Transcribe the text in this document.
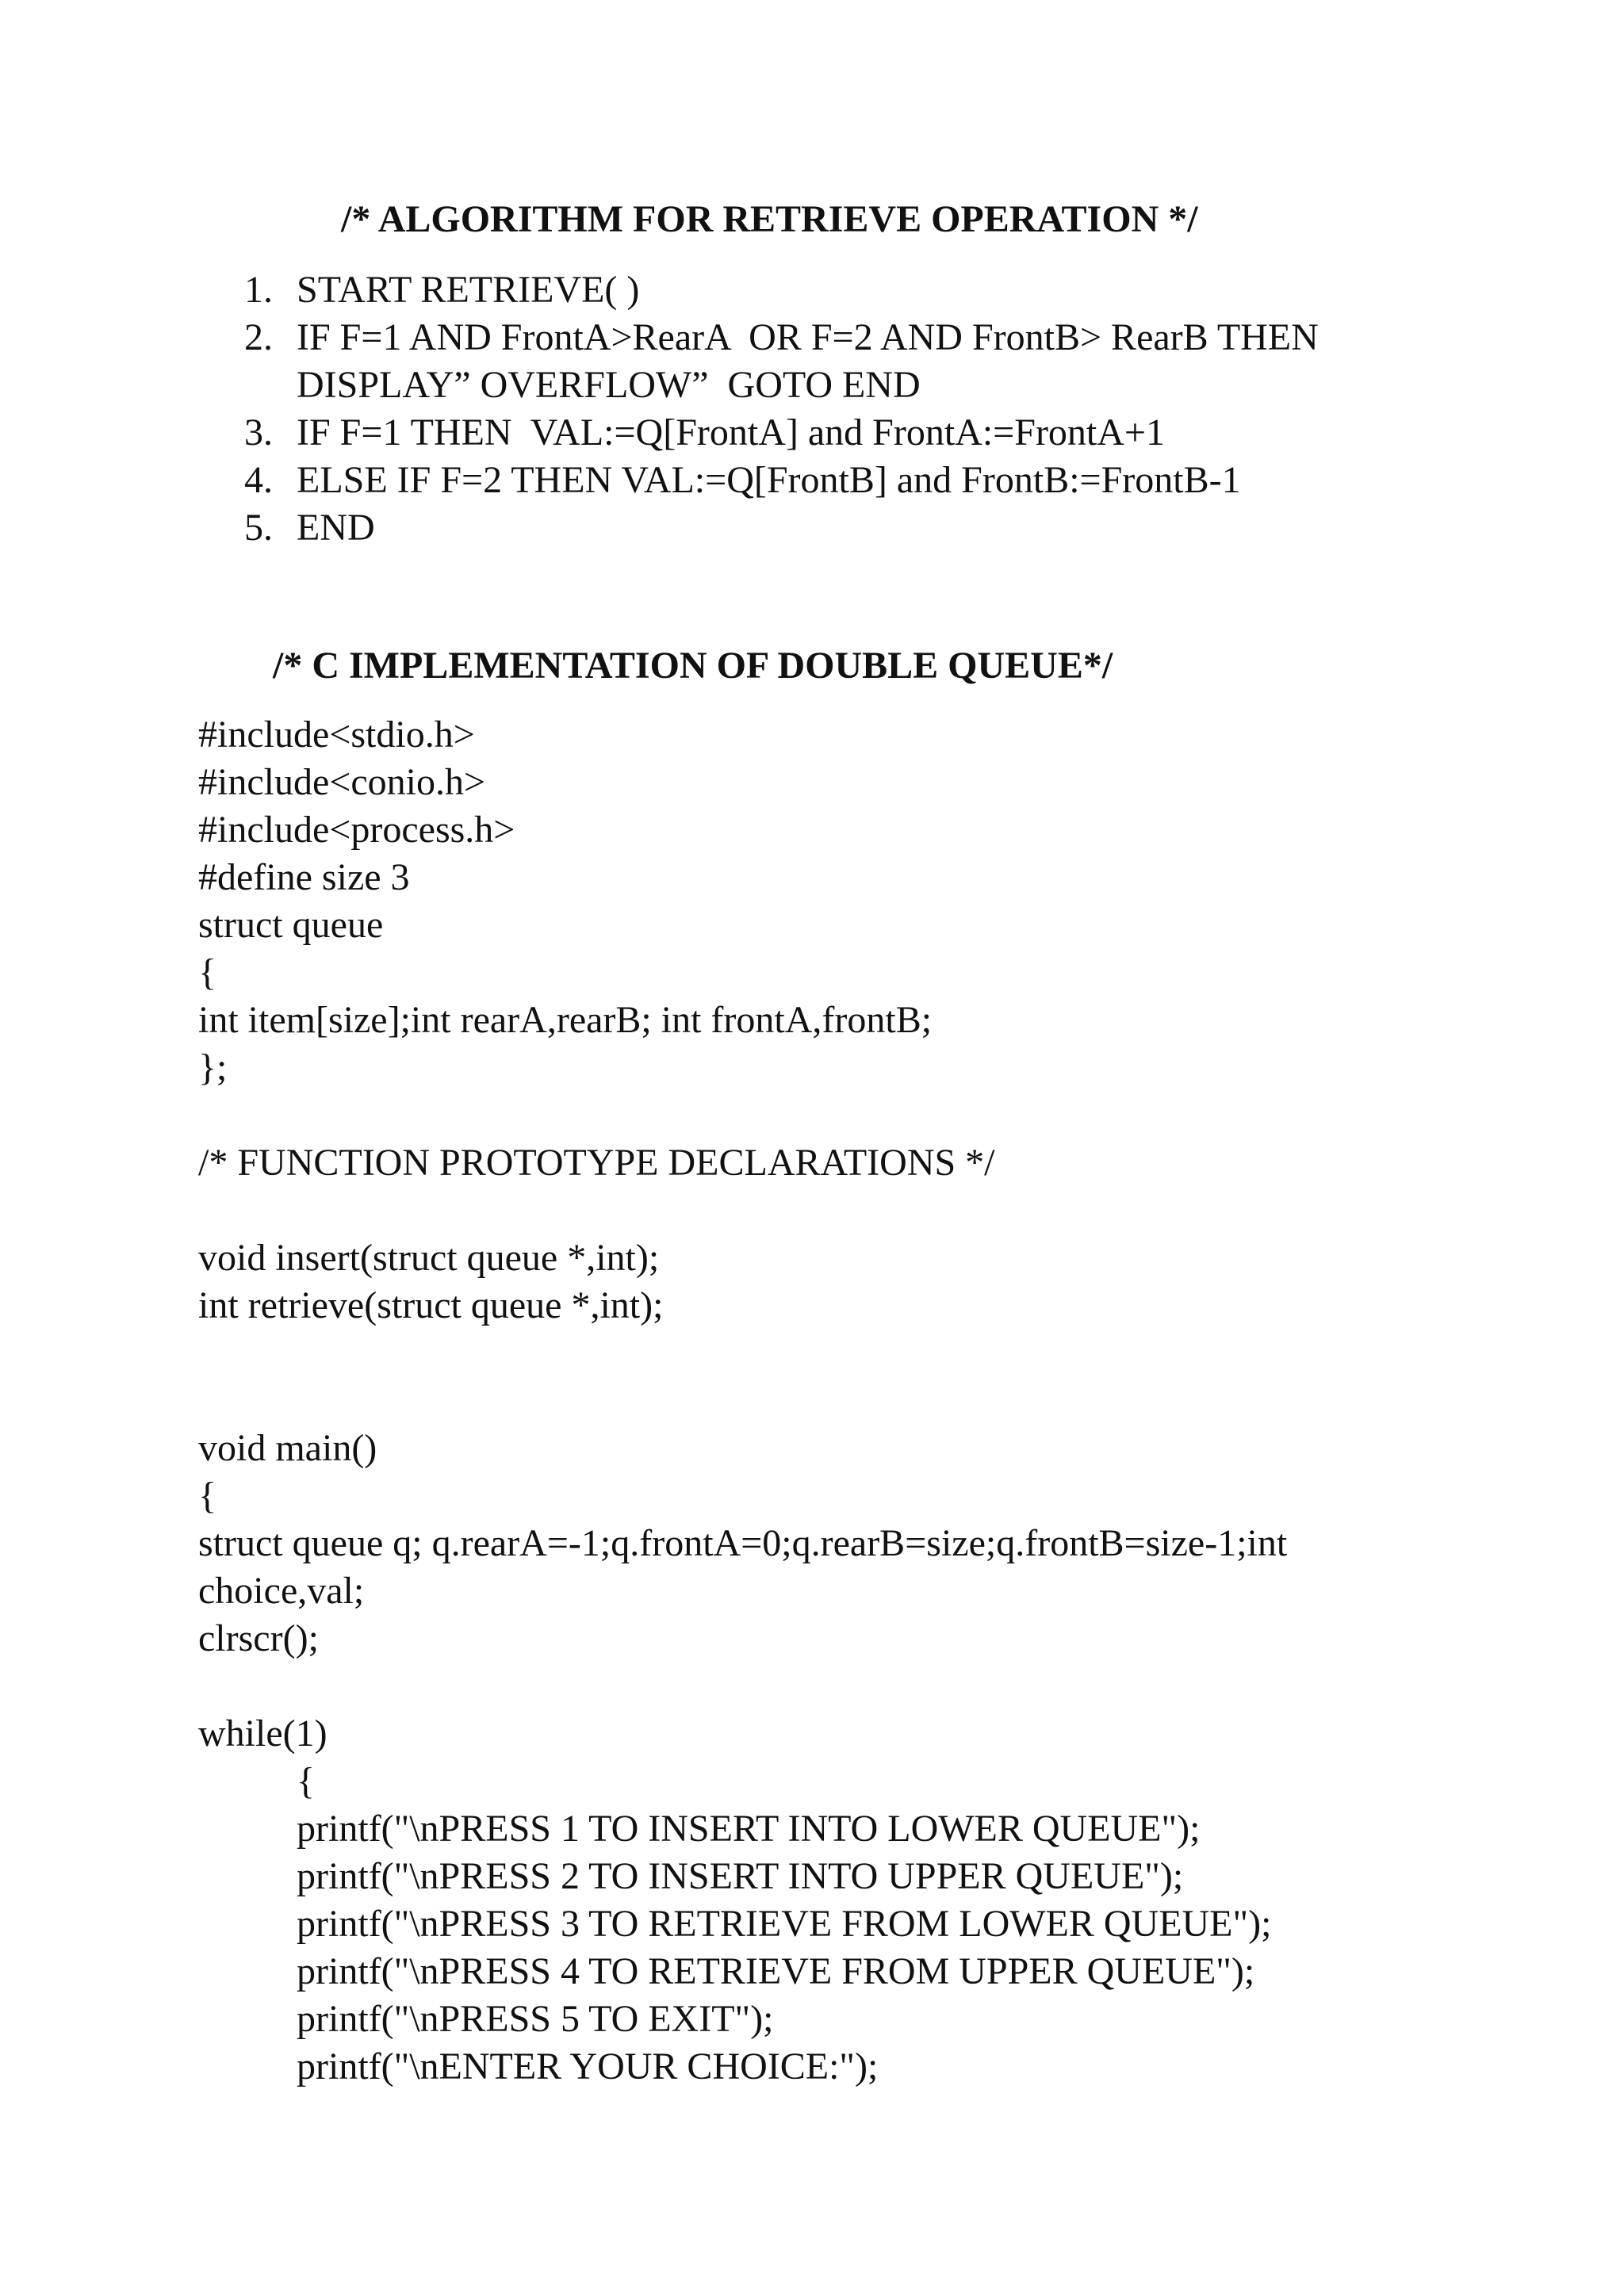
/* ALGORITHM FOR RETRIEVE OPERATION */
1. START RETRIEVE( )
2. IF F=1 AND FrontA>RearA  OR F=2 AND FrontB> RearB THEN
DISPLAY” OVERFLOW”  GOTO END
3. IF F=1 THEN  VAL:=Q[FrontA] and FrontA:=FrontA+1
4. ELSE IF F=2 THEN VAL:=Q[FrontB] and FrontB:=FrontB-1
5. END
/* C IMPLEMENTATION OF DOUBLE QUEUE*/
#include<stdio.h>
#include<conio.h>
#include<process.h>
#define size 3
struct queue
{
int item[size];int rearA,rearB; int frontA,frontB;
};
/* FUNCTION PROTOTYPE DECLARATIONS */
void insert(struct queue *,int);
int retrieve(struct queue *,int);
void main()
{
struct queue q; q.rearA=-1;q.frontA=0;q.rearB=size;q.frontB=size-1;int
choice,val;
clrscr();
while(1)
{
printf("\nPRESS 1 TO INSERT INTO LOWER QUEUE");
printf("\nPRESS 2 TO INSERT INTO UPPER QUEUE");
printf("\nPRESS 3 TO RETRIEVE FROM LOWER QUEUE");
printf("\nPRESS 4 TO RETRIEVE FROM UPPER QUEUE");
printf("\nPRESS 5 TO EXIT");
printf("\nENTER YOUR CHOICE:");
